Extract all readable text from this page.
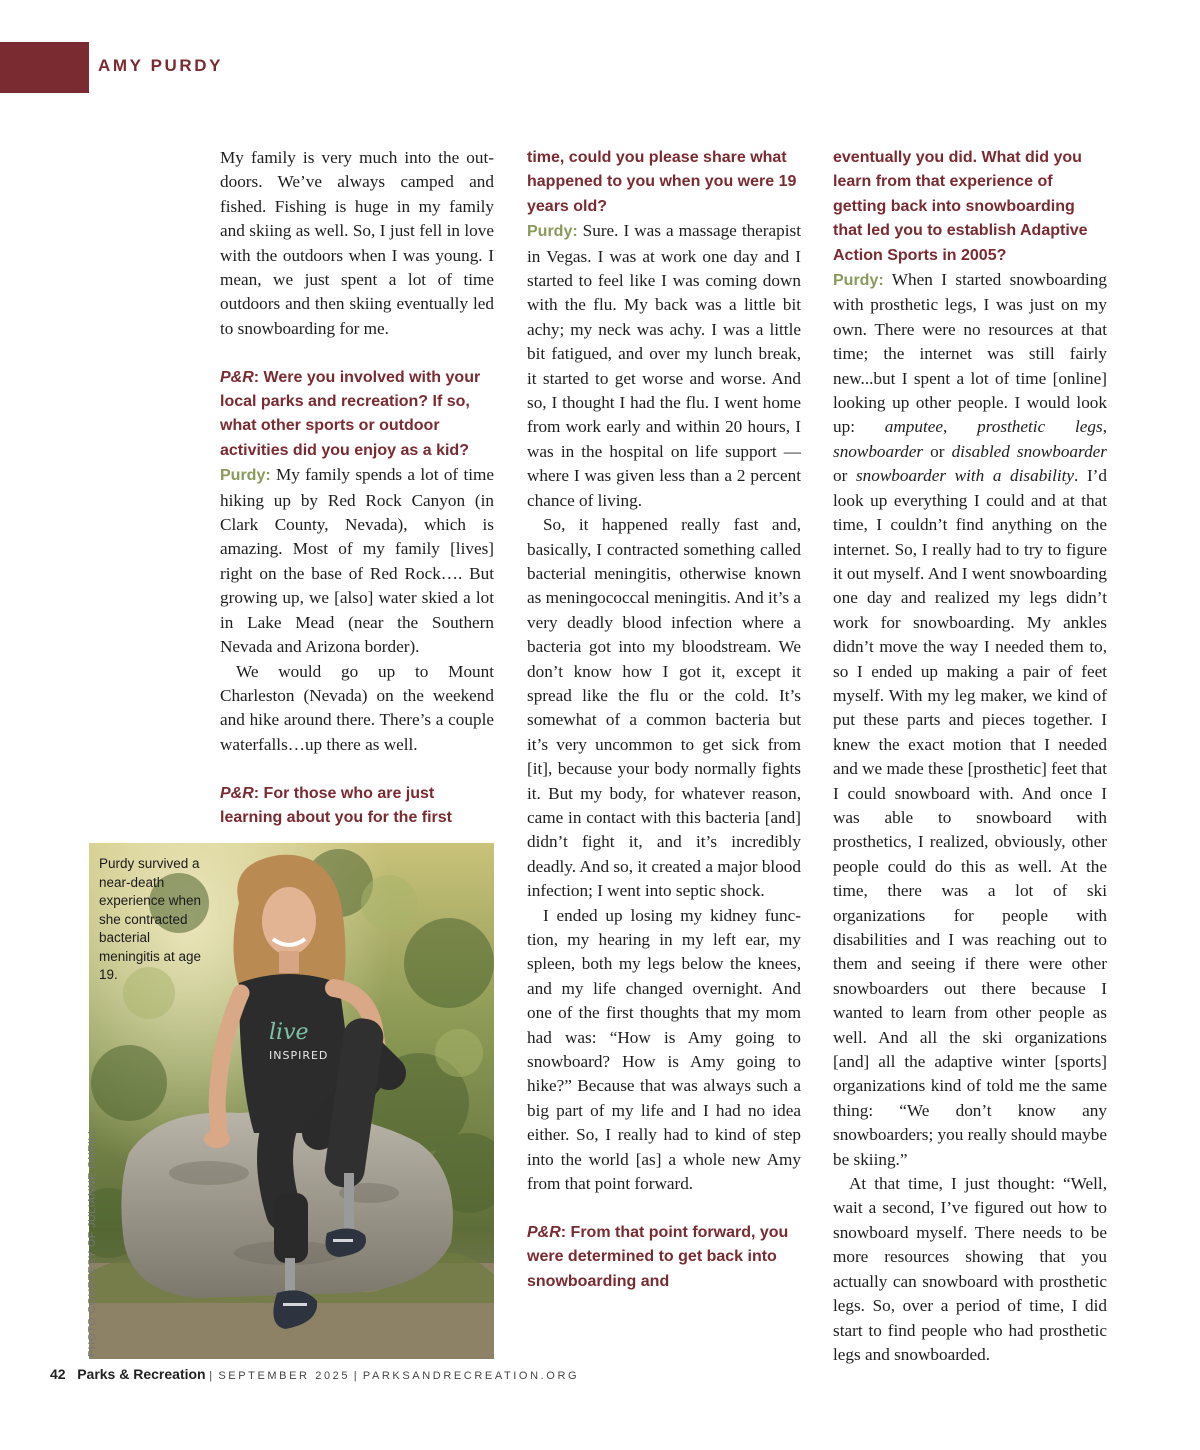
AMY PURDY

My family is very much into the outdoors. We’ve always camped and fished. Fishing is huge in my family and skiing as well. So, I just fell in love with the outdoors when I was young. I mean, we just spent a lot of time outdoors and then skiing eventually led to snowboarding for me.

P&R: Were you involved with your local parks and recreation? If so, what other sports or outdoor activities did you enjoy as a kid?

Purdy: My family spends a lot of time hiking up by Red Rock Canyon (in Clark County, Nevada), which is amazing. Most of my family [lives] right on the base of Red Rock…. But growing up, we [also] water skied a lot in Lake Mead (near the Southern Nevada and Arizona border).

We would go up to Mount Charleston (Nevada) on the weekend and hike around there. There’s a couple waterfalls…up there as well.

P&R: For those who are just learning about you for the first

time, could you please share what happened to you when you were 19 years old?

Purdy: Sure. I was a massage therapist in Vegas. I was at work one day and I started to feel like I was coming down with the flu. My back was a little bit achy; my neck was achy. I was a little bit fatigued, and over my lunch break, it started to get worse and worse. And so, I thought I had the flu. I went home from work early and within 20 hours, I was in the hospital on life support — where I was given less than a 2 percent chance of living.

So, it happened really fast and, basically, I contracted something called bacterial meningitis, otherwise known as meningococcal meningitis. And it’s a very deadly blood infection where a bacteria got into my bloodstream. We don’t know how I got it, except it spread like the flu or the cold. It’s somewhat of a common bacteria but it’s very uncommon to get sick from [it], because your body normally fights it. But my body, for whatever reason, came in contact with this bacteria [and] didn’t fight it, and it’s incredibly deadly. And so, it created a major blood infection; I went into septic shock.

I ended up losing my kidney function, my hearing in my left ear, my spleen, both my legs below the knees, and my life changed overnight. And one of the first thoughts that my mom had was: “How is Amy going to snowboard? How is Amy going to hike?” Because that was always such a big part of my life and I had no idea either. So, I really had to kind of step into the world [as] a whole new Amy from that point forward.

P&R: From that point forward, you were determined to get back into snowboarding and

eventually you did. What did you learn from that experience of getting back into snowboarding that led you to establish Adaptive Action Sports in 2005?

Purdy: When I started snowboarding with prosthetic legs, I was just on my own. There were no resources at that time; the internet was still fairly new...but I spent a lot of time [online] looking up other people. I would look up: amputee, prosthetic legs, snowboarder or disabled snowboarder or snowboarder with a disability. I’d look up everything I could and at that time, I couldn’t find anything on the internet. So, I really had to try to figure it out myself. And I went snowboarding one day and realized my legs didn’t work for snowboarding. My ankles didn’t move the way I needed them to, so I ended up making a pair of feet myself. With my leg maker, we kind of put these parts and pieces together. I knew the exact motion that I needed and we made these [prosthetic] feet that I could snowboard with. And once I was able to snowboard with prosthetics, I realized, obviously, other people could do this as well. At the time, there was a lot of ski organizations for people with disabilities and I was reaching out to them and seeing if there were other snowboarders out there because I wanted to learn from other people as well. And all the ski organizations [and] all the adaptive winter [sports] organizations kind of told me the same thing: “We don’t know any snowboarders; you really should maybe be skiing.”

At that time, I just thought: “Well, wait a second, I’ve figured out how to snowboard myself. There needs to be more resources showing that you actually can snowboard with prosthetic legs. So, over a period of time, I did start to find people who had prosthetic legs and snowboarded.

live
INSPIRED
Purdy survived a near-death experience when she contracted bacterial meningitis at age 19.
PHOTO COURTESY OF JULIANNE ONEILL
42 Parks & Recreation | SEPTEMBER 2025 | PARKSANDRECREATION.ORG
